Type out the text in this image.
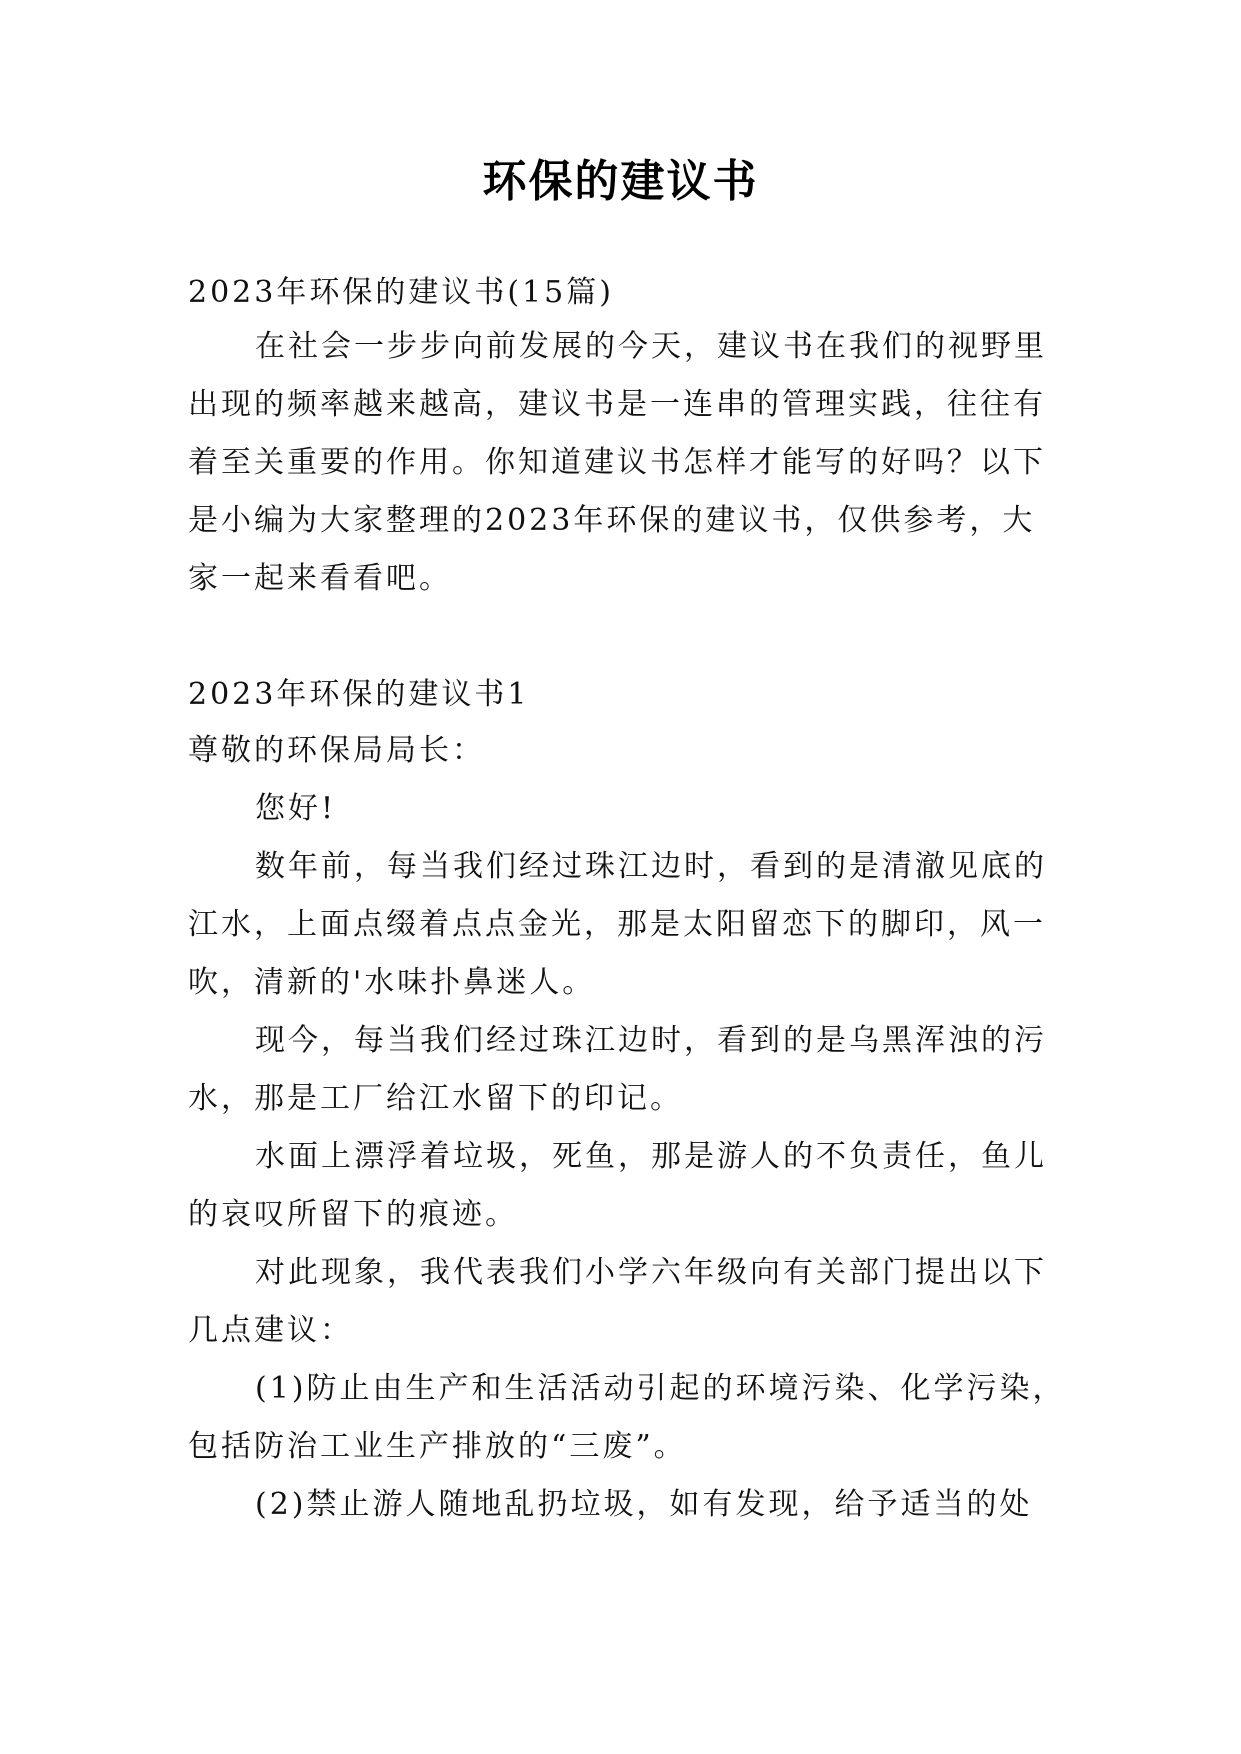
环保的建议书
2023年环保的建议书(15篇)
在社会一步步向前发展的今天，建议书在我们的视野里
出现的频率越来越高，建议书是一连串的管理实践，往往有
着至关重要的作用。你知道建议书怎样才能写的好吗？以下
是小编为大家整理的2023年环保的建议书，仅供参考，大
家一起来看看吧。
2023年环保的建议书1
尊敬的环保局局长：
您好!
数年前，每当我们经过珠江边时，看到的是清澈见底的
江水，上面点缀着点点金光，那是太阳留恋下的脚印，风一
吹，清新的'水味扑鼻迷人。
现今，每当我们经过珠江边时，看到的是乌黑浑浊的污
水，那是工厂给江水留下的印记。
水面上漂浮着垃圾，死鱼，那是游人的不负责任，鱼儿
的哀叹所留下的痕迹。
对此现象，我代表我们小学六年级向有关部门提出以下
几点建议：
(1)防止由生产和生活活动引起的环境污染、化学污染，
包括防治工业生产排放的“三废”。
(2)禁止游人随地乱扔垃圾，如有发现，给予适当的处
